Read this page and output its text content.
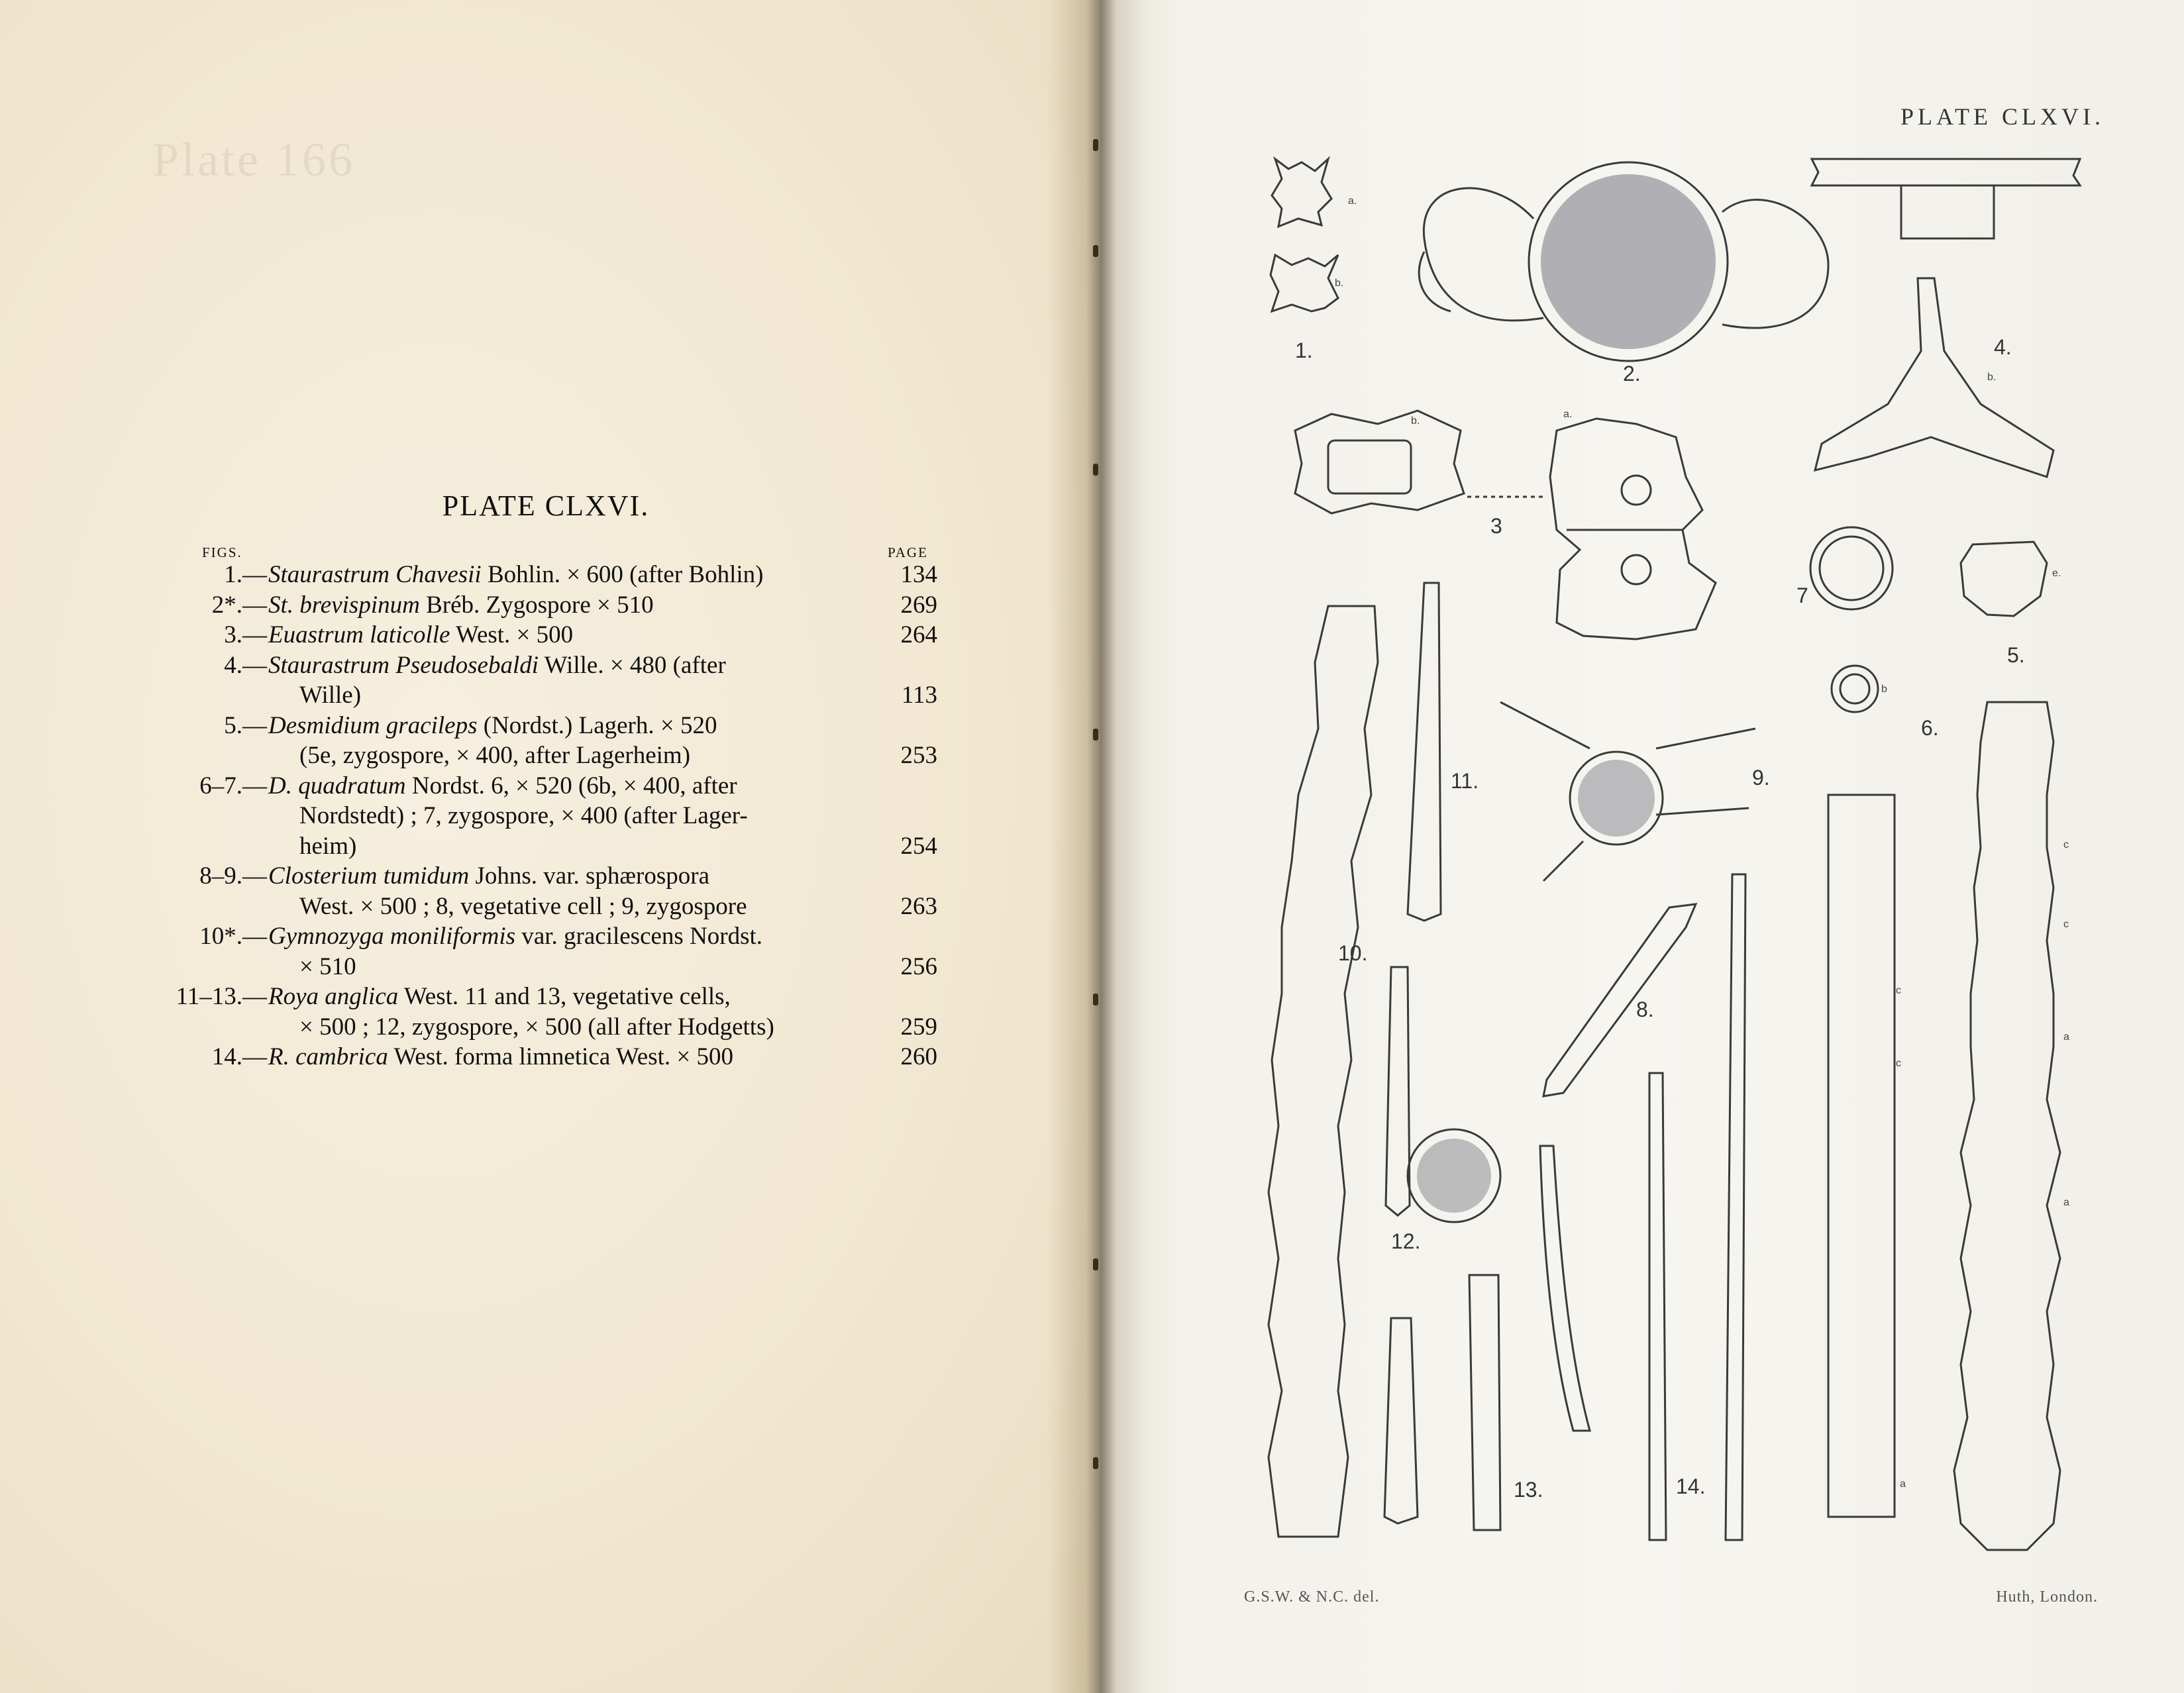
Plate 166
PLATE CLXVI.
FIGS.	PAGE
1.— Staurastrum Chavesii Bohlin. × 600 (after Bohlin)	134
2*.— St. brevispinum Bréb. Zygospore × 510	269
3.— Euastrum laticolle West. × 500	264
4.— Staurastrum Pseudosebaldi Wille. × 480 (after
Wille)	113
5.— Desmidium gracileps (Nordst.) Lagerh. × 520
(5e, zygospore, × 400, after Lagerheim)	253
6–7.— D. quadratum Nordst. 6, × 520 (6b, × 400, after
Nordstedt) ; 7, zygospore, × 400 (after Lager-
heim)	254
8–9.— Closterium tumidum Johns. var. sphærospora
West. × 500 ; 8, vegetative cell ; 9, zygospore	263
10*.— Gymnozyga moniliformis var. gracilescens Nordst.
× 510	256
11–13.— Roya anglica West. 11 and 13, vegetative cells,
× 500 ; 12, zygospore, × 500 (all after Hodgetts)	259
14.— R. cambrica West. forma limnetica West. × 500	260
PLATE CLXVI.
G.S.W. & N.C. del.	Huth, London.
1.
2.
3
4.
5.
6.
7
8.
9.
10.
11.
12.
13.	14.
a.
b.
b.
a.
b.
e.
b
c
c
c
c
a
a
a
